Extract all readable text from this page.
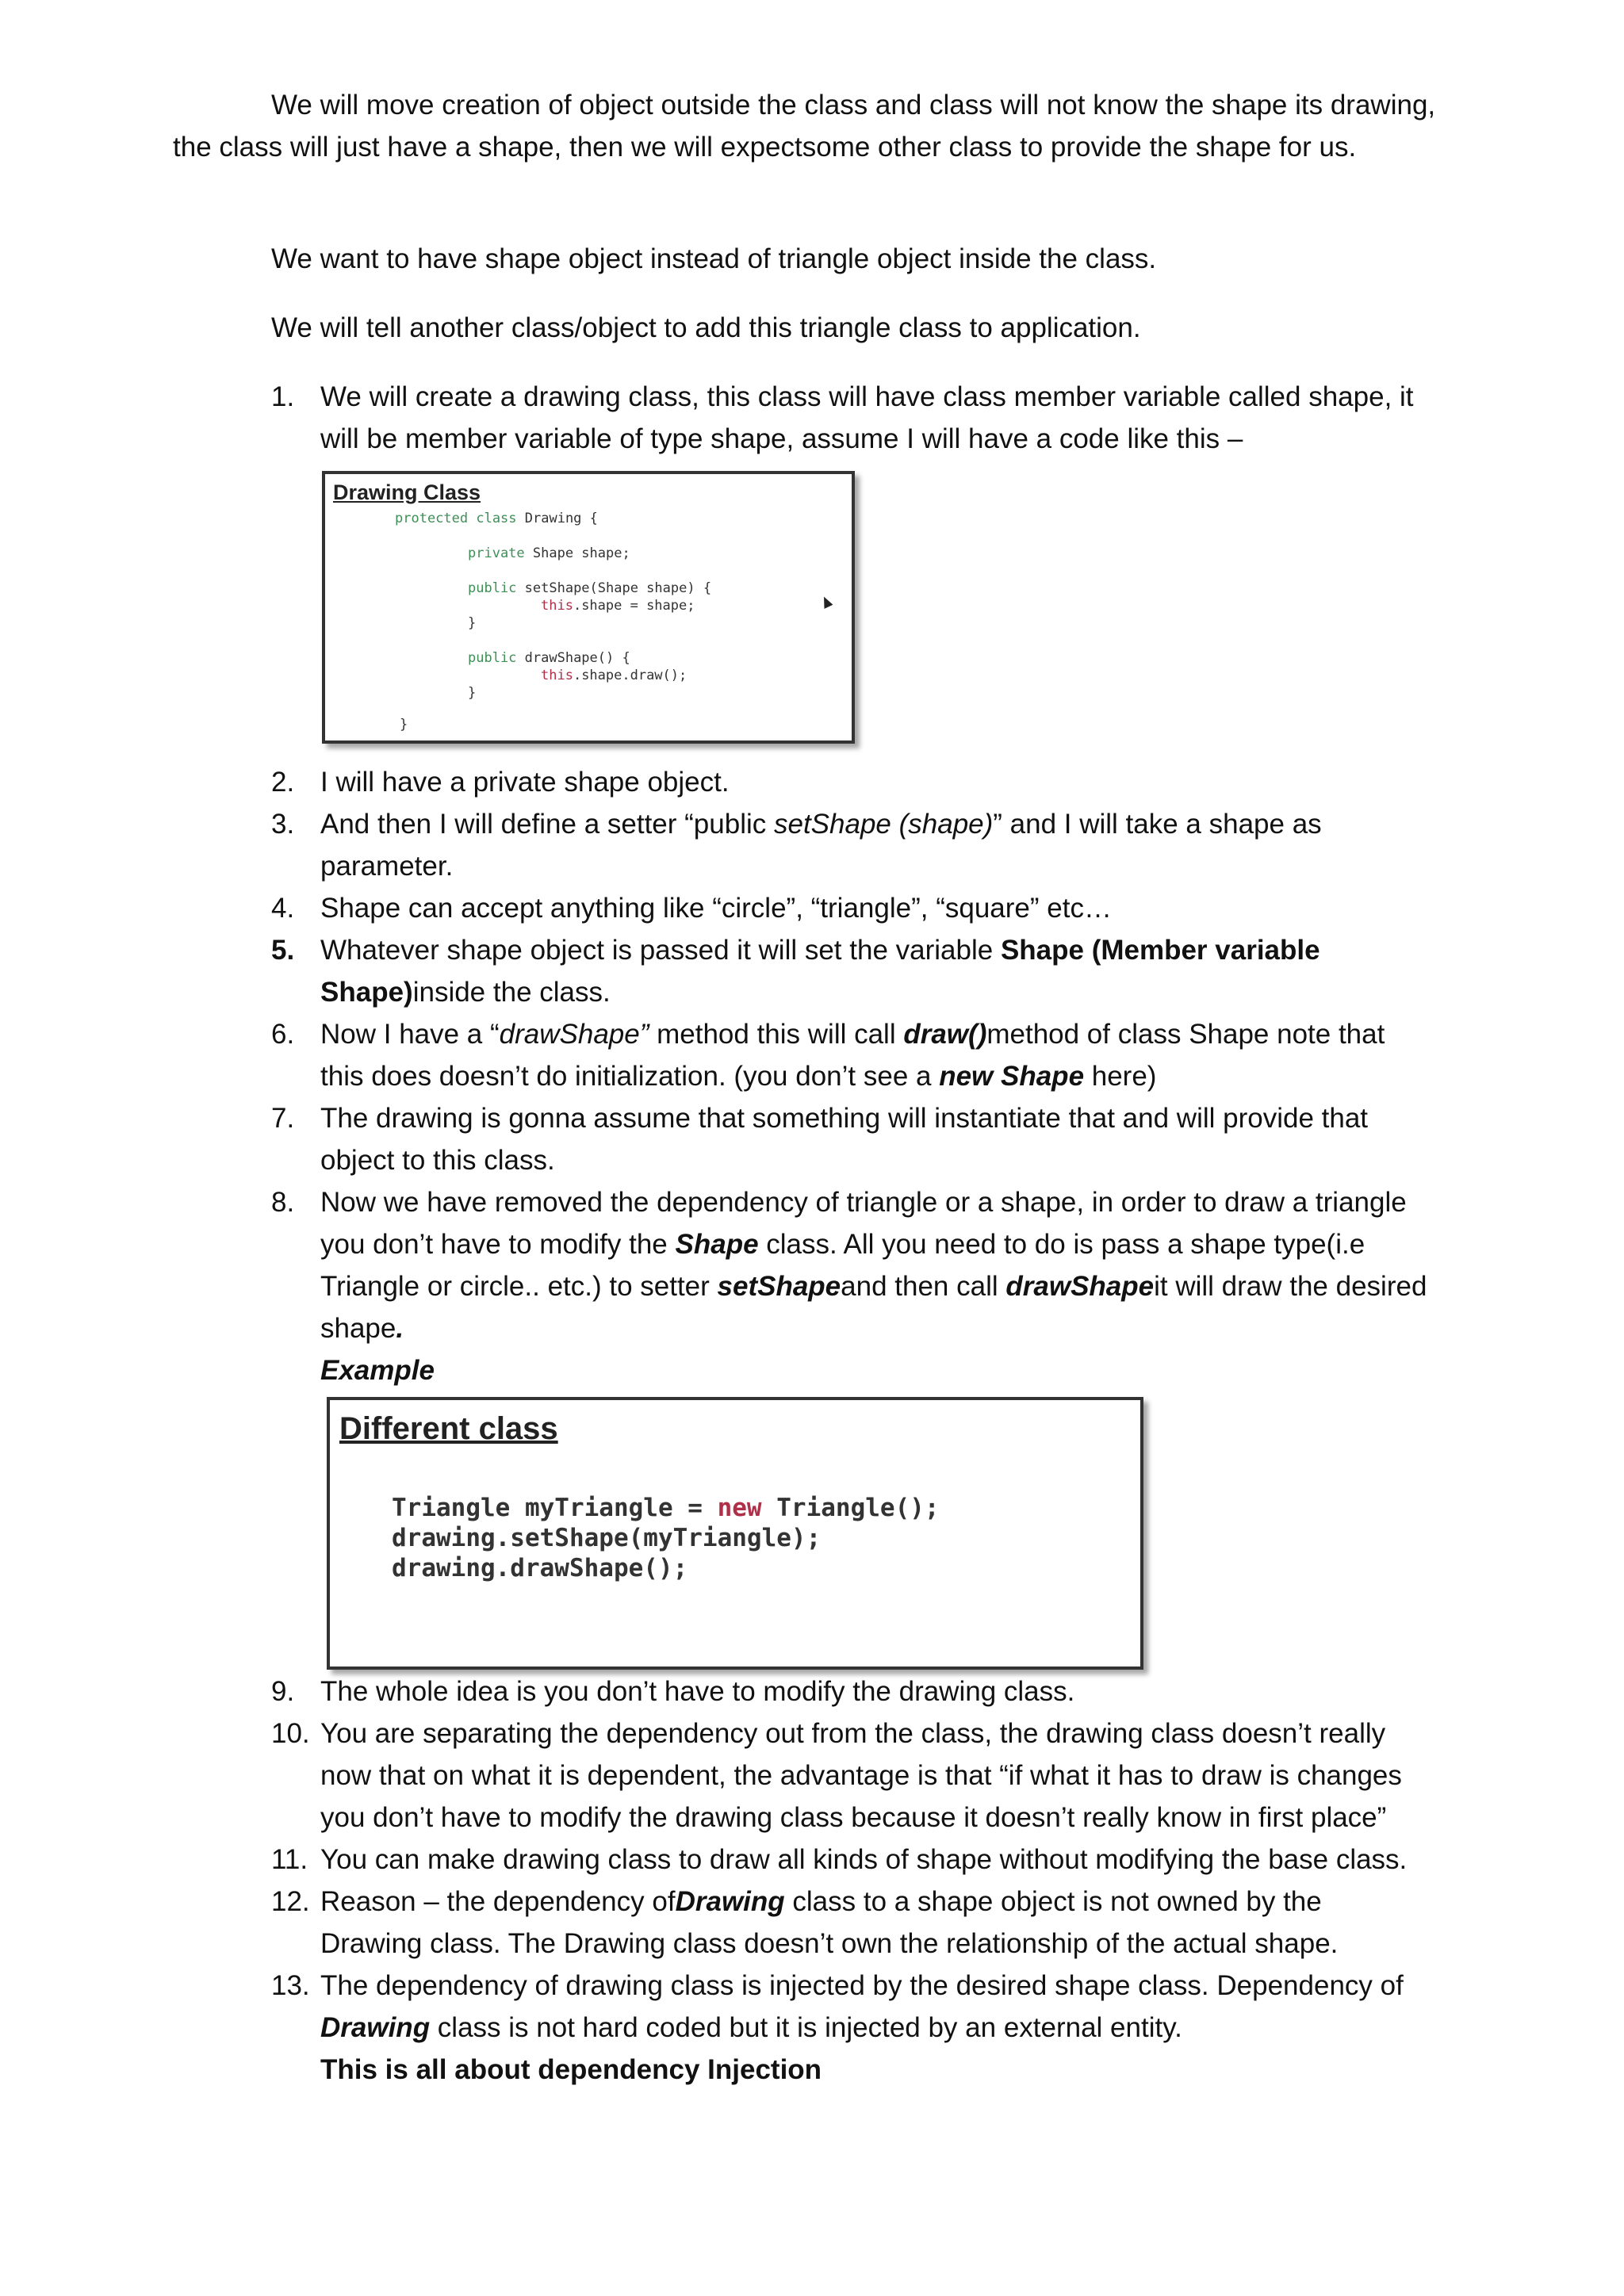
We will move creation of object outside the class and class will not know the shape its drawing, the class will just have a shape, then we will expectsome other class to provide the shape for us.

We want to have shape object instead of triangle object inside the class.

We will tell another class/object to add this triangle class to application.

1. We will create a drawing class, this class will have class member variable called shape, it will be member variable of type shape, assume I will have a code like this –
Drawing Class
protected class Drawing {
private Shape shape;
public setShape(Shape shape) {
this.shape = shape;
}
public drawShape() {
this.shape.draw();
}
}
2. I will have a private shape object.
3. And then I will define a setter “public setShape (shape)” and I will take a shape as parameter.
4. Shape can accept anything like “circle”, “triangle”, “square” etc…
5. Whatever shape object is passed it will set the variable Shape (Member variable Shape)inside the class.
6. Now I have a “drawShape” method this will call draw()method of class Shape note that this does doesn’t do initialization. (you don’t see a new Shape here)
7. The drawing is gonna assume that something will instantiate that and will provide that object to this class.
8. Now we have removed the dependency of triangle or a shape, in order to draw a triangle you don’t have to modify the Shape class. All you need to do is pass a shape type(i.e Triangle or circle.. etc.) to setter setShapeand then call drawShapeit will draw the desired shape.
Example
Different class
Triangle myTriangle = new Triangle();
drawing.setShape(myTriangle);
drawing.drawShape();
9. The whole idea is you don’t have to modify the drawing class.
10. You are separating the dependency out from the class, the drawing class doesn’t really now that on what it is dependent, the advantage is that “if what it has to draw is changes you don’t have to modify the drawing class because it doesn’t really know in first place”
11. You can make drawing class to draw all kinds of shape without modifying the base class.
12. Reason – the dependency ofDrawing class to a shape object is not owned by the Drawing class. The Drawing class doesn’t own the relationship of the actual shape.
13. The dependency of drawing class is injected by the desired shape class. Dependency of Drawing class is not hard coded but it is injected by an external entity.
This is all about dependency Injection
